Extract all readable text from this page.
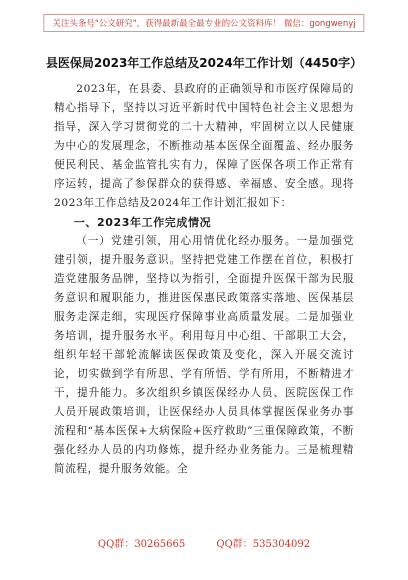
关注头条号"公文研究"，获得最新最全最专业的公文资料库！ 微信：gongwenyj
县医保局2023年工作总结及2024年工作计划（4450字）

2023年，在县委、县政府的正确领导和市医疗保障局的精心指导下，坚持以习近平新时代中国特色社会主义思想为指导，深入学习贯彻党的二十大精神，牢固树立以人民健康为中心的发展理念，不断推动基本医保全面覆盖、经办服务便民利民、基金监管扎实有力，保障了医保各项工作正常有序运转，提高了参保群众的获得感、幸福感、安全感。现将2023年工作总结及2024年工作计划汇报如下：

一、2023年工作完成情况

（一）党建引领，用心用情优化经办服务。一是加强党建引领，提升服务意识。坚持把党建工作摆在首位，积极打造党建服务品牌，坚持以为指引，全面提升医保干部为民服务意识和履职能力，推进医保惠民政策落实落地、医保基层服务走深走细，实现医疗保障事业高质量发展。二是加强业务培训，提升服务水平。利用每月中心组、干部职工大会，组织年轻干部轮流解读医保政策及变化，深入开展交流讨论，切实做到学有所思、学有所悟、学有所用，不断精进才干，提升能力。多次组织乡镇医保经办人员、医院医保工作人员开展政策培训，让医保经办人员具体掌握医保业务办事流程和“基本医保+大病保险+医疗救助”三重保障政策，不断强化经办人员的内功修炼，提升经办业务能力。三是梳理精简流程，提升服务效能。全

QQ群：30265665	QQ群：535304092
